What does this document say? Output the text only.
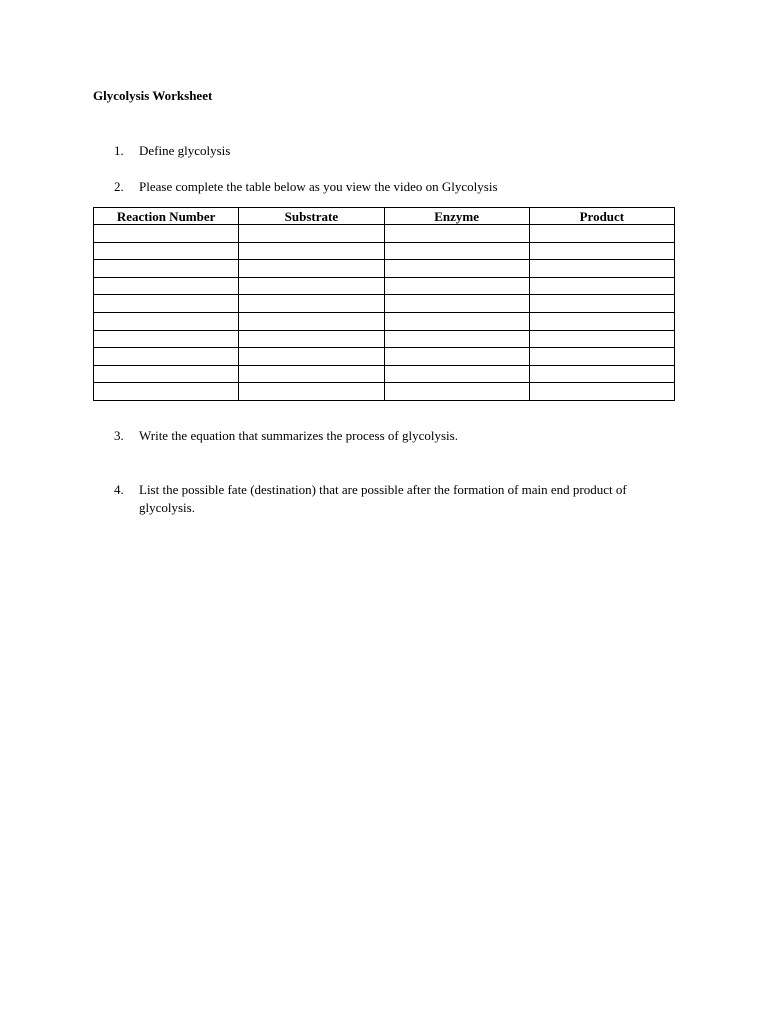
Glycolysis Worksheet
1.	Define glycolysis
2.	Please complete the table below as you view the video on Glycolysis
Reaction Number	Substrate	Enzyme	Product

3.	Write the equation that summarizes the process of glycolysis.
4.	List the possible fate (destination) that are possible after the formation of main end product of glycolysis.
